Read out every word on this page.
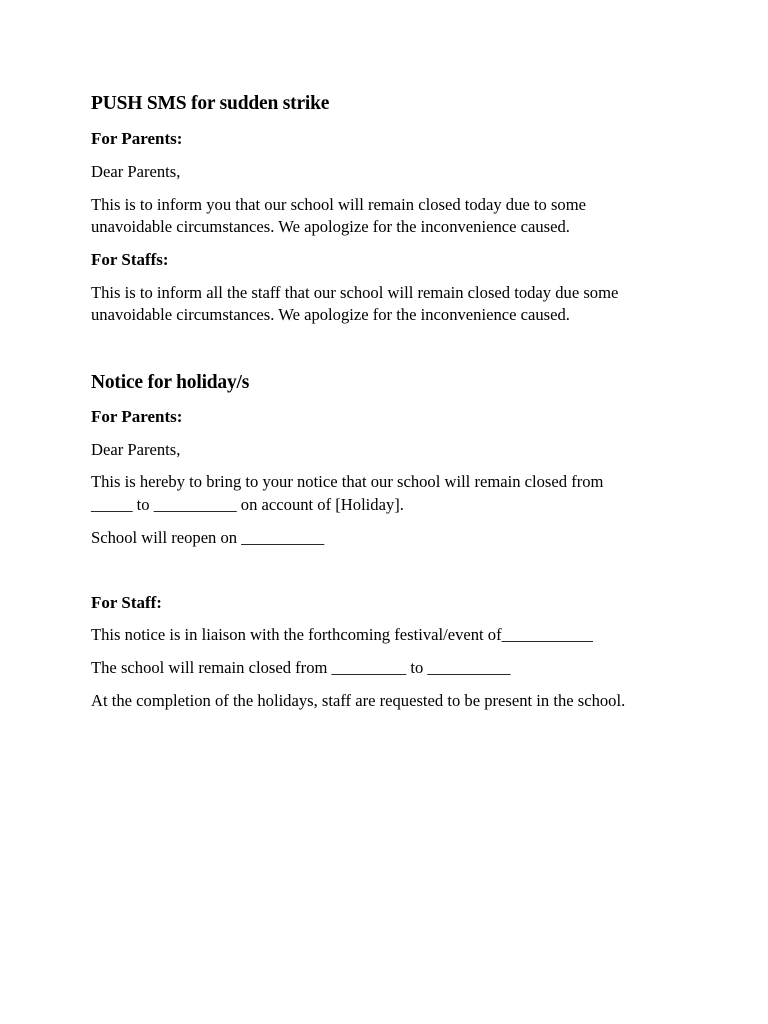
PUSH SMS for sudden strike
For Parents:
Dear Parents,
This is to inform you that our school will remain closed today due to some
unavoidable circumstances. We apologize for the inconvenience caused.
For Staffs:
This is to inform all the staff that our school will remain closed today due some
unavoidable circumstances. We apologize for the inconvenience caused.
Notice for holiday/s
For Parents:
Dear Parents,
This is hereby to bring to your notice that our school will remain closed from
_____ to __________ on account of [Holiday].
School will reopen on __________
For Staff:
This notice is in liaison with the forthcoming festival/event of___________
The school will remain closed from _________ to __________
At the completion of the holidays, staff are requested to be present in the school.
